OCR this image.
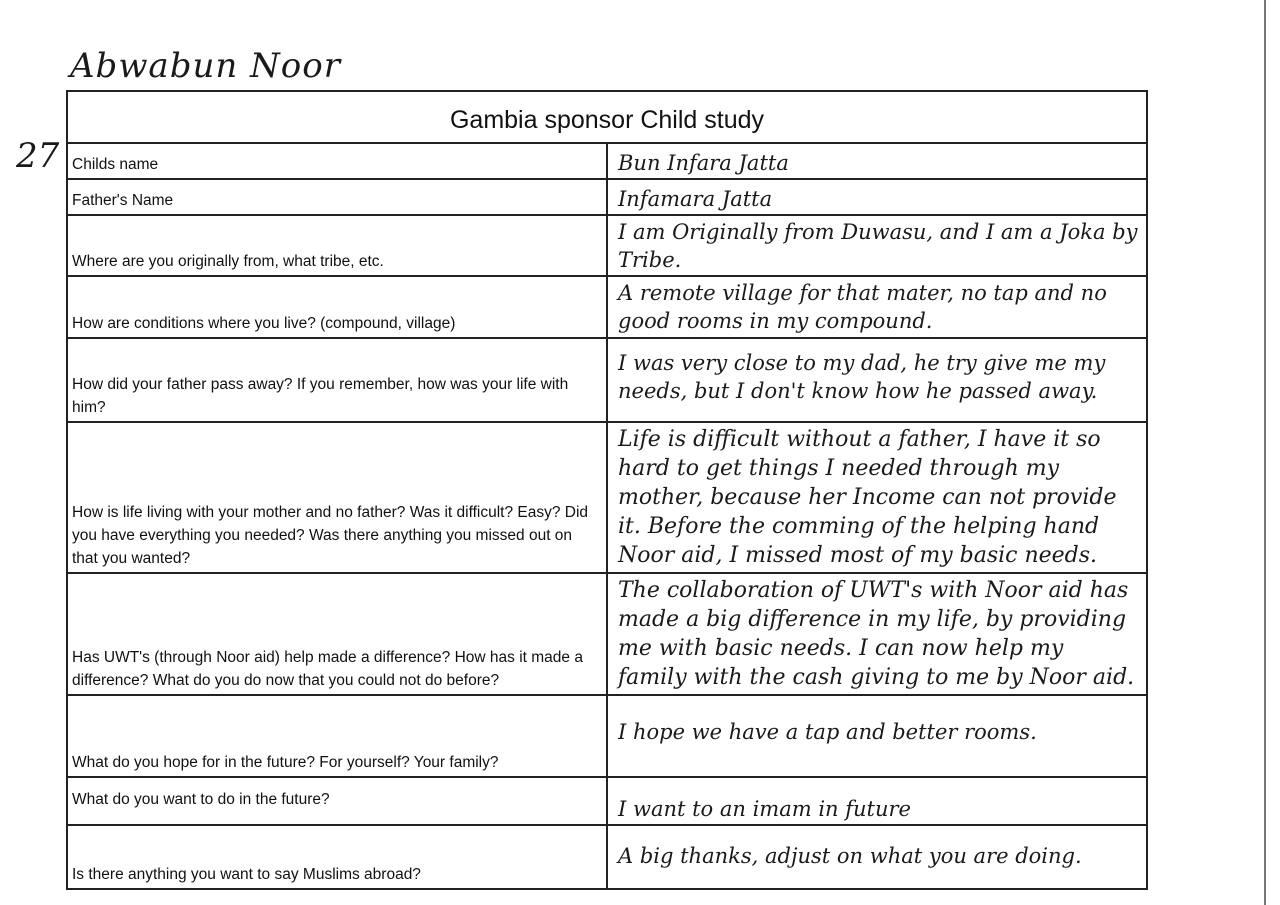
Abwabun Noor
27
Gambia sponsor Child study	
Childs name	Bun Infara Jatta
Father's Name	Infamara Jatta
Where are you originally from, what tribe, etc.	I am Originally from Duwasu, and I am a Joka by Tribe.
How are conditions where you live? (compound, village)	A remote village for that mater, no tap and no good rooms in my compound.
How did your father pass away? If you remember, how was your life with him?	I was very close to my dad, he try give me my needs, but I don't know how he passed away.
How is life living with your mother and no father? Was it difficult? Easy? Did you have everything you needed? Was there anything you missed out on that you wanted?	Life is difficult without a father, I have it so hard to get things I needed through my mother, because her Income can not provide it. Before the comming of the helping hand Noor aid, I missed most of my basic needs.
Has UWT's (through Noor aid) help made a difference? How has it made a difference? What do you do now that you could not do before?	The collaboration of UWT's with Noor aid has made a big difference in my life, by providing me with basic needs. I can now help my family with the cash giving to me by Noor aid.
What do you hope for in the future? For yourself? Your family?	I hope we have a tap and better rooms.
What do you want to do in the future?	I want to an imam in future
Is there anything you want to say Muslims abroad?	A big thanks, adjust on what you are doing.
